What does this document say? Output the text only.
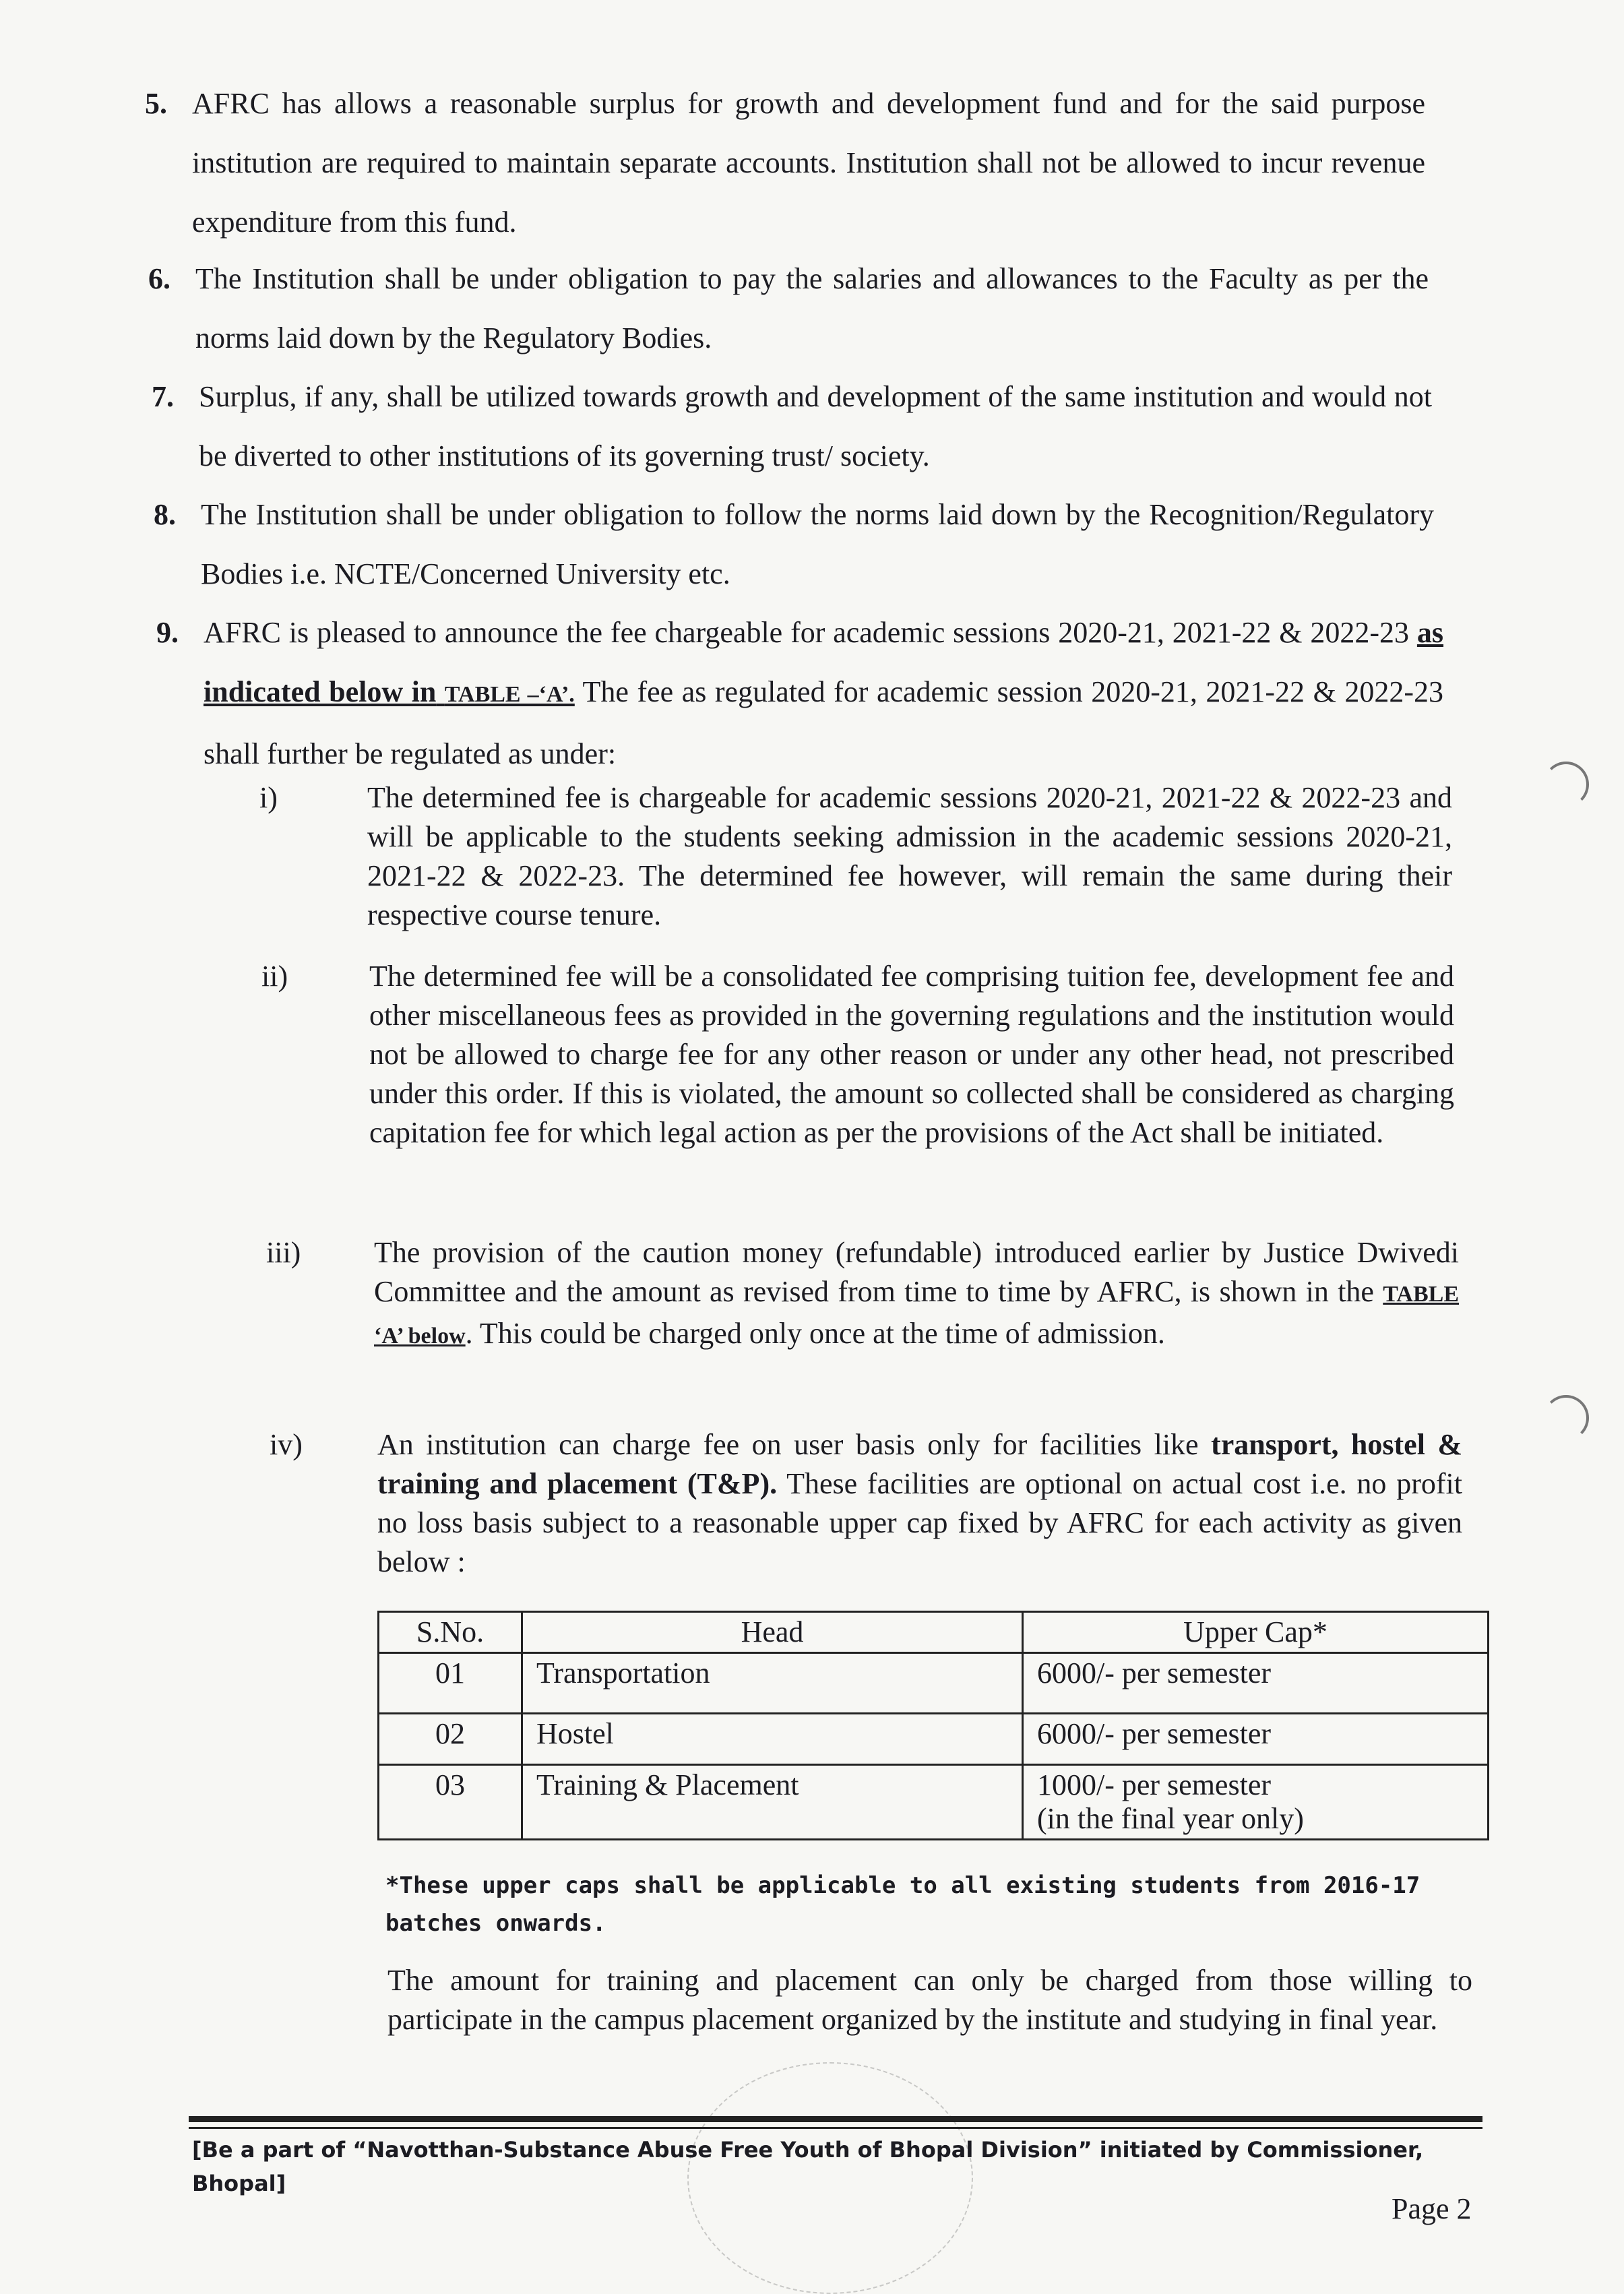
5. AFRC has allows a reasonable surplus for growth and development fund and for the said purpose institution are required to maintain separate accounts. Institution shall not be allowed to incur revenue expenditure from this fund.
6. The Institution shall be under obligation to pay the salaries and allowances to the Faculty as per the norms laid down by the Regulatory Bodies.
7. Surplus, if any, shall be utilized towards growth and development of the same institution and would not be diverted to other institutions of its governing trust/ society.
8. The Institution shall be under obligation to follow the norms laid down by the Recognition/Regulatory Bodies i.e. NCTE/Concerned University etc.
9. AFRC is pleased to announce the fee chargeable for academic sessions 2020-21, 2021-22 & 2022-23 as indicated below in TABLE –‘A’. The fee as regulated for academic session 2020-21, 2021-22 & 2022-23 shall further be regulated as under:
i)	The determined fee is chargeable for academic sessions 2020-21, 2021-22 & 2022-23 and will be applicable to the students seeking admission in the academic sessions 2020-21, 2021-22 & 2022-23. The determined fee however, will remain the same during their respective course tenure.
ii)	The determined fee will be a consolidated fee comprising tuition fee, development fee and other miscellaneous fees as provided in the governing regulations and the institution would not be allowed to charge fee for any other reason or under any other head, not prescribed under this order. If this is violated, the amount so collected shall be considered as charging capitation fee for which legal action as per the provisions of the Act shall be initiated.
iii) The provision of the caution money (refundable) introduced earlier by Justice Dwivedi Committee and the amount as revised from time to time by AFRC, is shown in the TABLE ‘A’ below. This could be charged only once at the time of admission.
iv)	An institution can charge fee on user basis only for facilities like transport, hostel & training and placement (T&P). These facilities are optional on actual cost i.e. no profit no loss basis subject to a reasonable upper cap fixed by AFRC for each activity as given below :
S.No.	Head	Upper Cap*
01	Transportation	6000/- per semester
02	Hostel	6000/- per semester
03	Training & Placement	1000/- per semester
(in the final year only)
*These upper caps shall be applicable to all existing students from 2016-17 batches onwards.
The amount for training and placement can only be charged from those willing to participate in the campus placement organized by the institute and studying in final year.
[Be a part of “Navotthan-Substance Abuse Free Youth of Bhopal Division” initiated by Commissioner, Bhopal]
Page 2
